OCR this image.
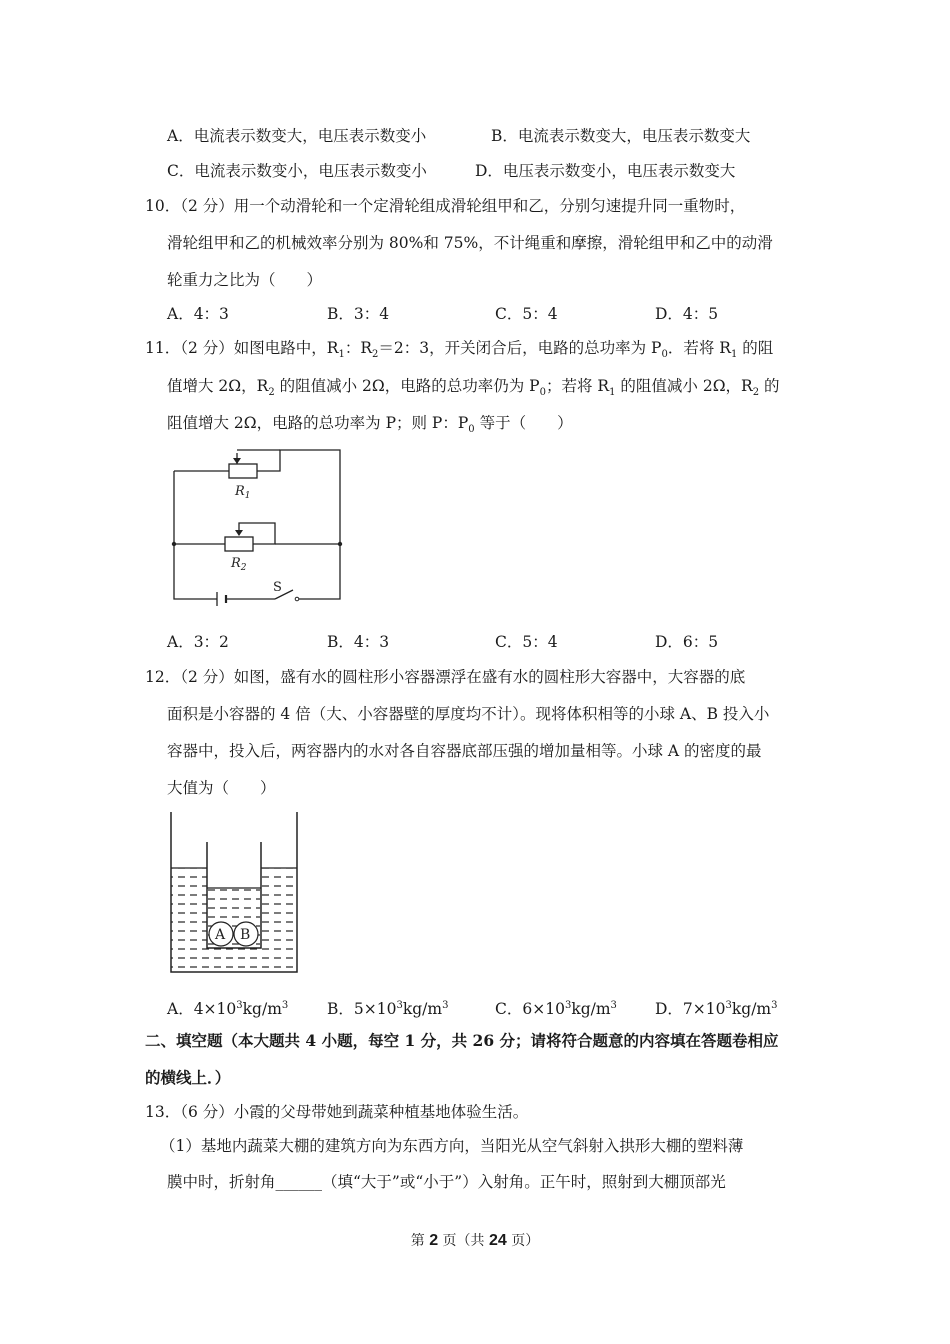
A．电流表示数变大，电压表示数变小	B．电流表示数变大，电压表示数变大
C．电流表示数变小，电压表示数变小	D．电压表示数变小，电压表示数变大
10．（2 分）用一个动滑轮和一个定滑轮组成滑轮组甲和乙，分别匀速提升同一重物时，
滑轮组甲和乙的机械效率分别为 80%和 75%，不计绳重和摩擦，滑轮组甲和乙中的动滑
轮重力之比为（　　）
A．4：3	B．3：4	C．5：4	D．4：5
11．（2 分）如图电路中，$R_1$：$R_2=2$：3，开关闭合后，电路的总功率为 $P_0$．若将 $R_1$ 的阻
值增大 2Ω，$R_2$ 的阻值减小 2Ω，电路的总功率仍为 $P_0$；若将 $R_1$ 的阻值减小 2Ω，$R_2$ 的
阻值增大 2Ω，电路的总功率为 P；则 P：$P_0$ 等于（　　）
$R_1$
$R_2$
S
A．3：2	B．4：3	C．5：4	D．6：5
12．（2 分）如图，盛有水的圆柱形小容器漂浮在盛有水的圆柱形大容器中，大容器的底
面积是小容器的 4 倍（大、小容器壁的厚度均不计）。现将体积相等的小球 A、B 投入小
容器中，投入后，两容器内的水对各自容器底部压强的增加量相等。小球 A 的密度的最
大值为（　　）
A B
A．$4\times 10^3kg/m^3$ B．$5\times 10^3kg/m^3$	C．$6\times 10^3kg/m^3$ D．$7\times 10^3kg/m^3$
二、填空题（本大题共 4 小题，每空 1 分，共 26 分；请将符合题意的内容填在答题卷相应
的横线上．）
13．（6 分）小霞的父母带她到蔬菜种植基地体验生活。
（1）基地内蔬菜大棚的建筑方向为东西方向，当阳光从空气斜射入拱形大棚的塑料薄
膜中时，折射角______（填“大于”或“小于”）入射角。正午时，照射到大棚顶部光
第 2 页（共 24 页）
